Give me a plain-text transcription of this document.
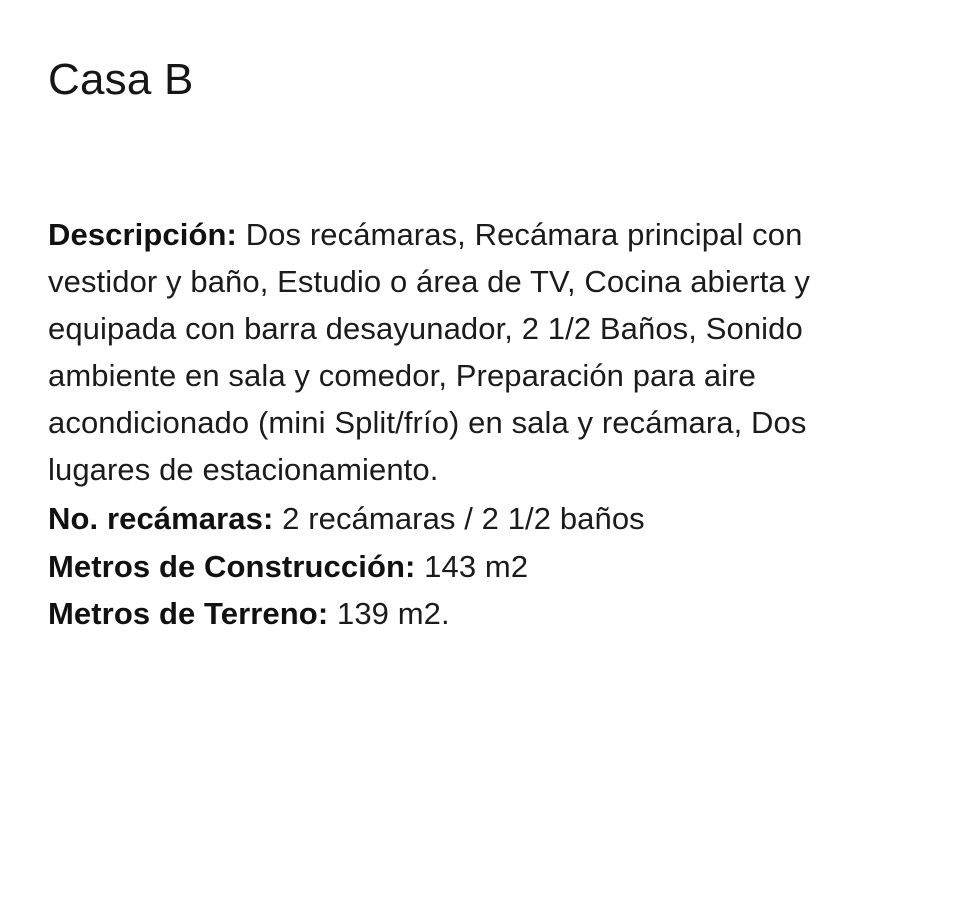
Casa B

Descripción: Dos recámaras, Recámara principal con vestidor y baño, Estudio o área de TV, Cocina abierta y equipada con barra desayunador, 2 1/2 Baños, Sonido ambiente en sala y comedor, Preparación para aire acondicionado (mini Split/frío) en sala y recámara, Dos lugares de estacionamiento.

No. recámaras: 2 recámaras / 2 1/2 baños

Metros de Construcción: 143 m2

Metros de Terreno: 139 m2.
